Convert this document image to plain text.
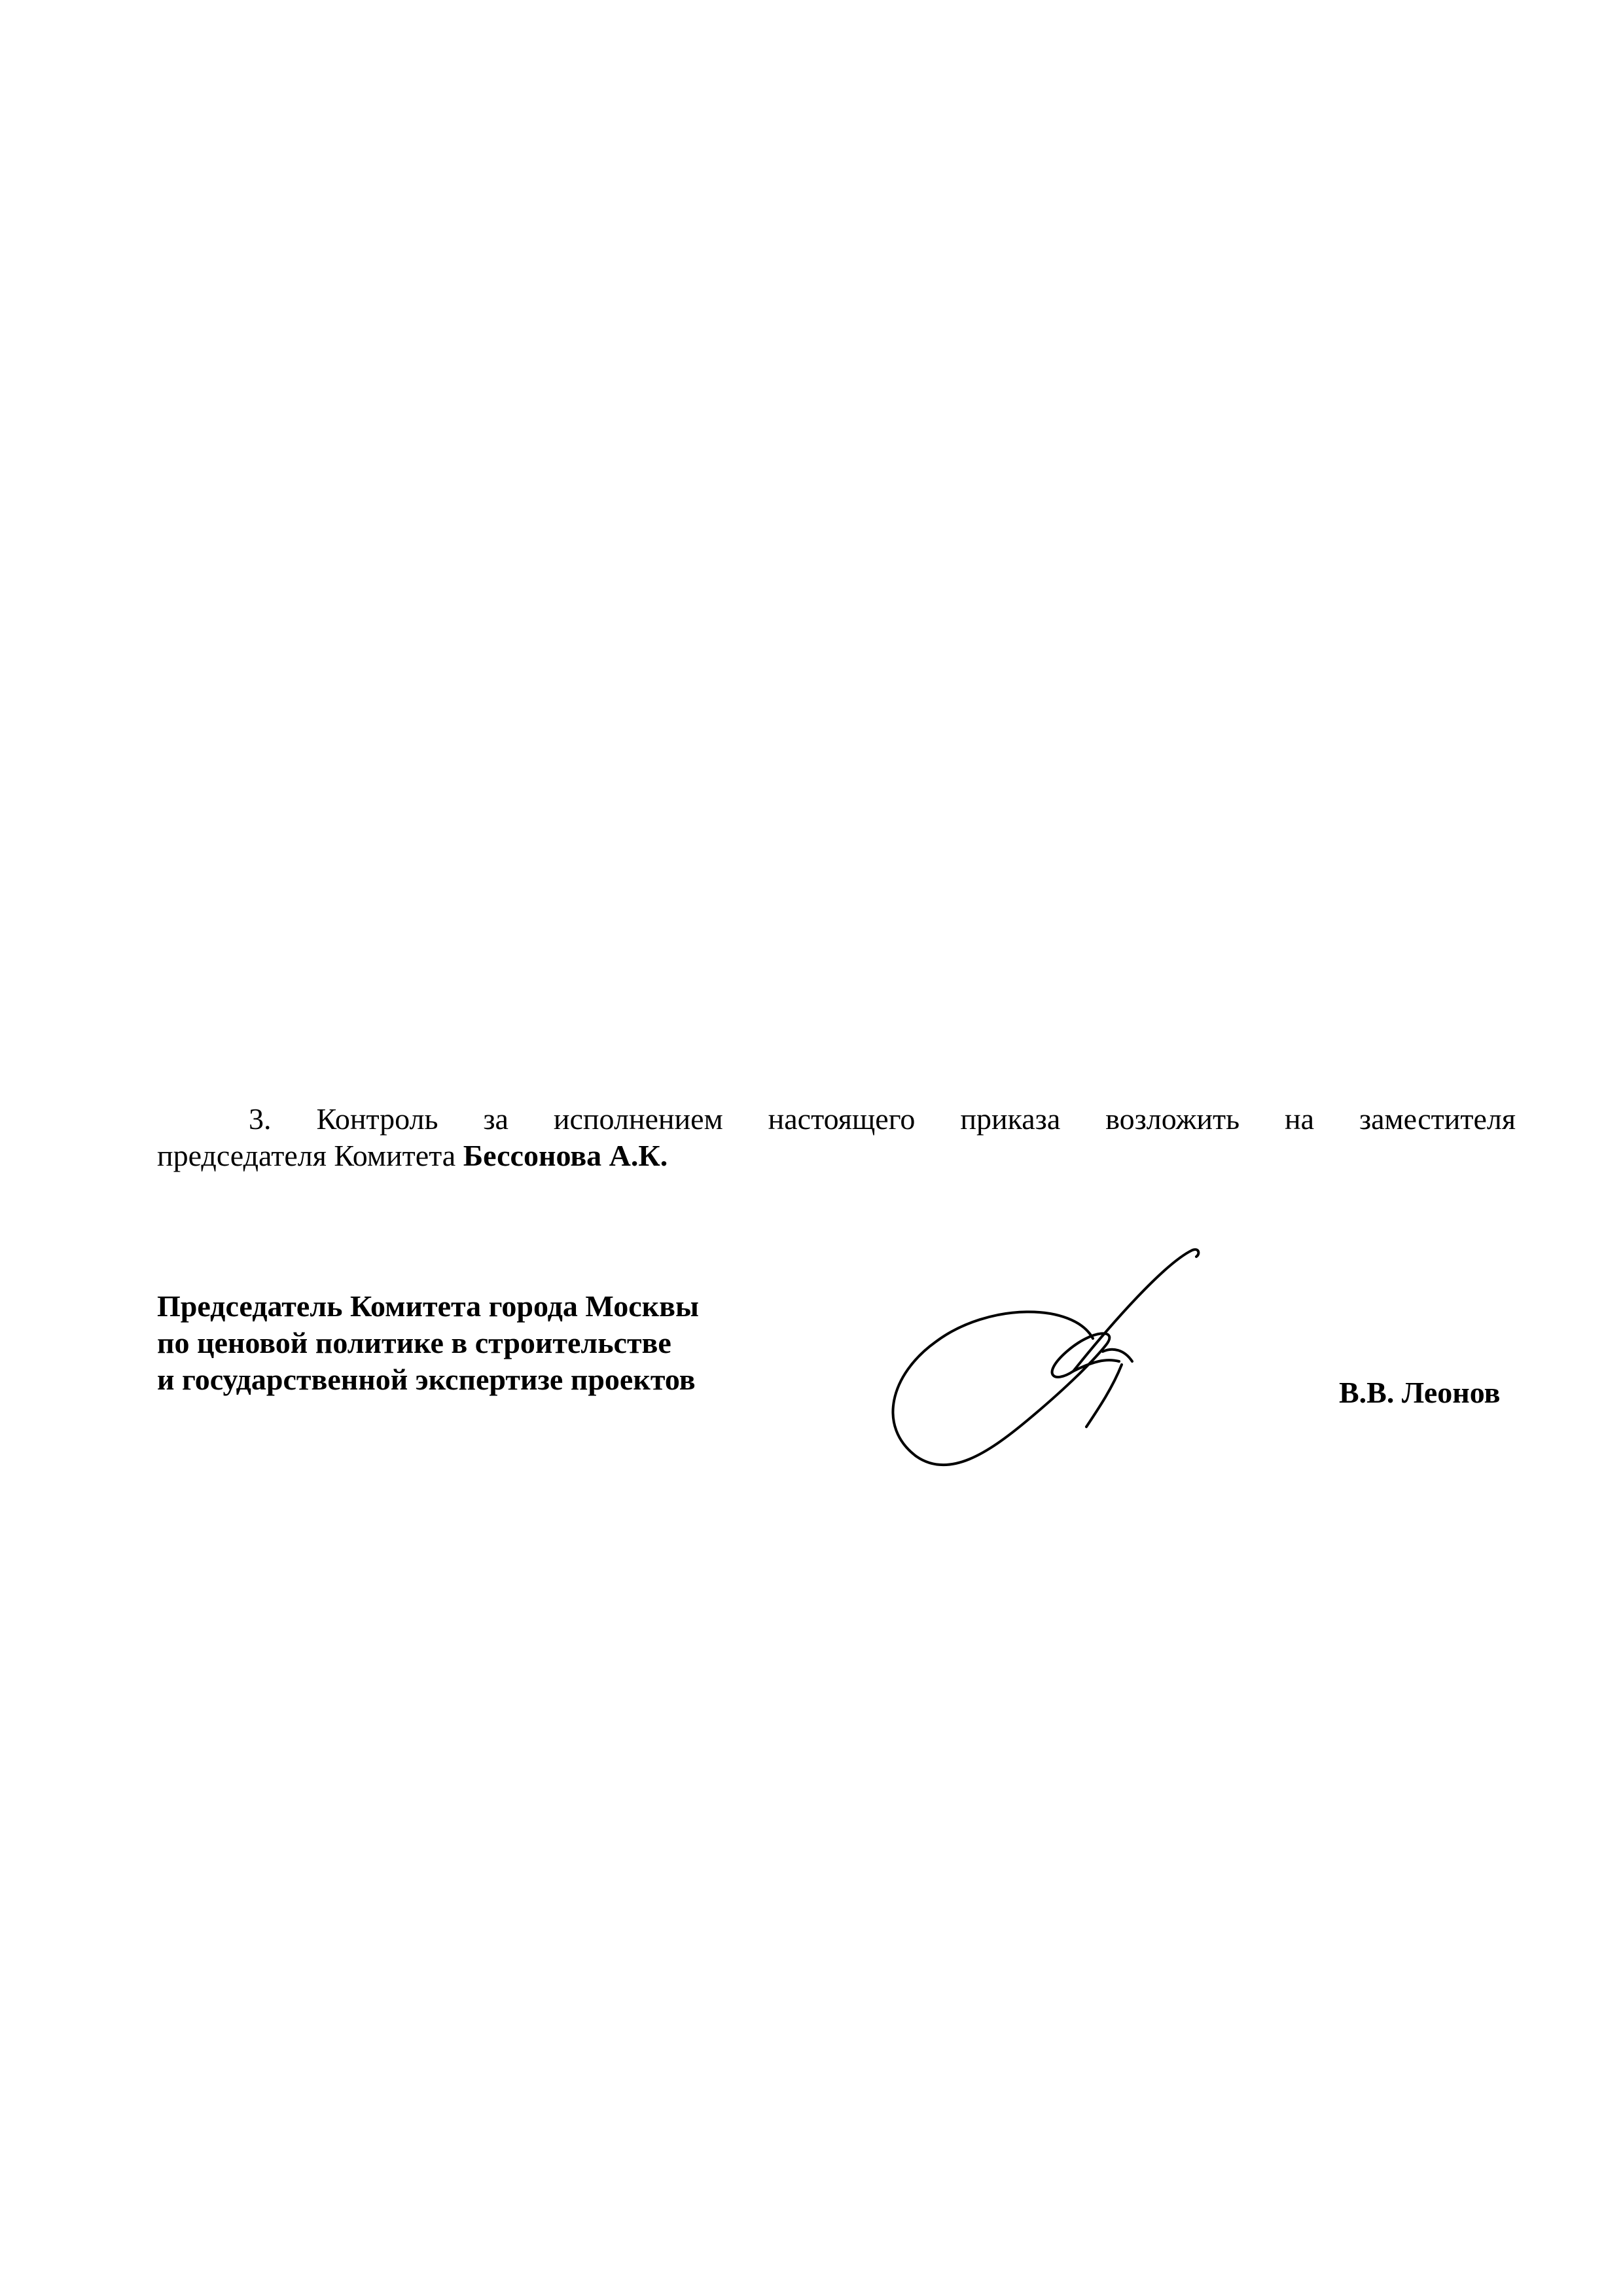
3. Контроль за исполнением настоящего приказа возложить на заместителя
председателя Комитета Бессонова А.К.
Председатель Комитета города Москвы
по ценовой политике в строительстве
и государственной экспертизе проектов	В.В. Леонов
